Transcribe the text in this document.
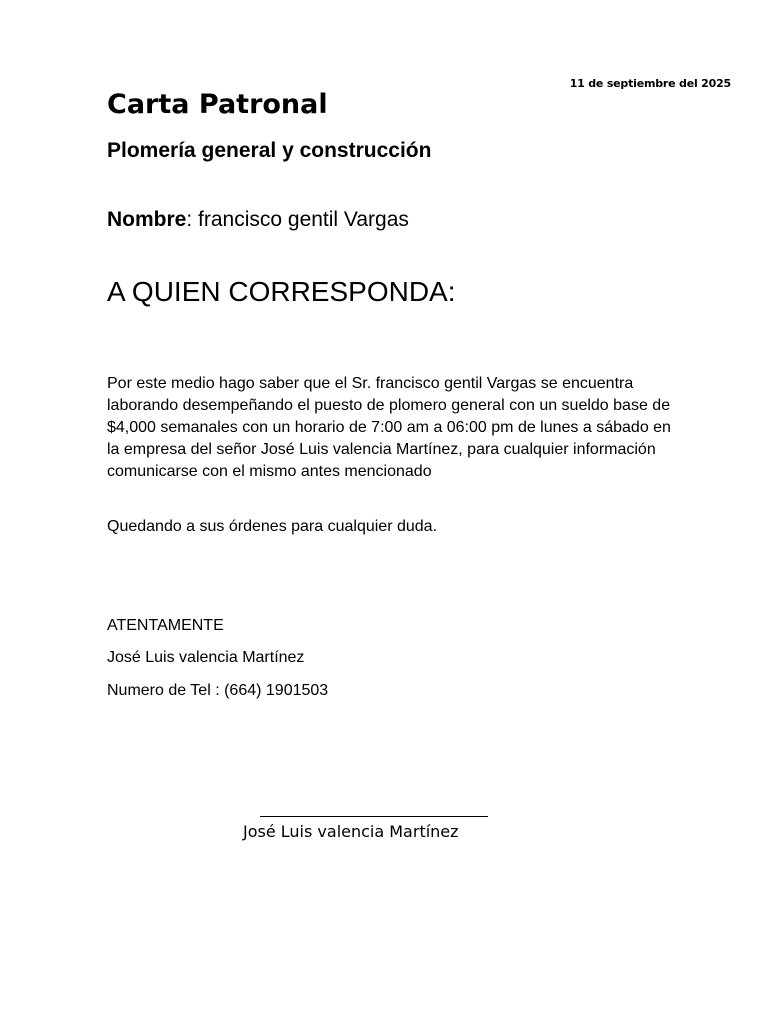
11 de septiembre del 2025
Carta Patronal
Plomería general y construcción
Nombre: francisco gentil Vargas
A QUIEN CORRESPONDA:

Por este medio hago saber que el Sr. francisco gentil Vargas se encuentra laborando desempeñando el puesto de plomero general con un sueldo base de $4,000 semanales con un horario de 7:00 am a 06:00 pm de lunes a sábado en la empresa del señor José Luis valencia Martínez, para cualquier información comunicarse con el mismo antes mencionado

Quedando a sus órdenes para cualquier duda.

ATENTAMENTE

José Luis valencia Martínez

Numero de Tel : (664) 1901503

José Luis valencia Martínez
